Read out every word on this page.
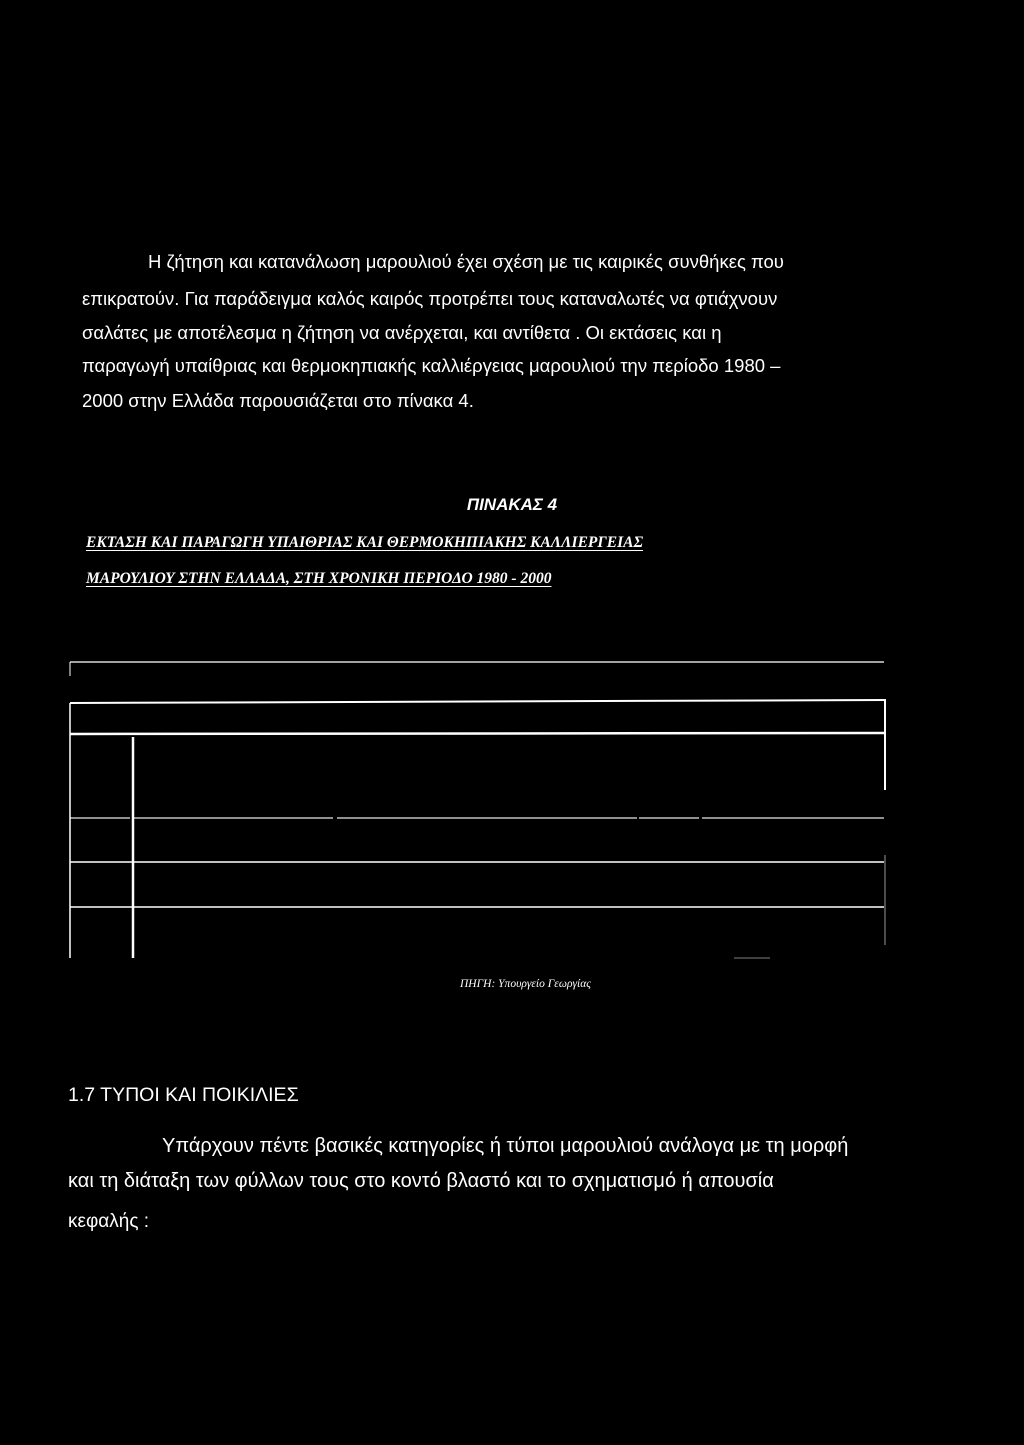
Η ζήτηση και κατανάλωση μαρουλιού έχει σχέση με τις καιρικές συνθήκες που
επικρατούν. Για παράδειγμα καλός καιρός προτρέπει τους καταναλωτές να φτιάχνουν
σαλάτες με αποτέλεσμα η ζήτηση να ανέρχεται, και αντίθετα . Οι εκτάσεις και η
παραγωγή υπαίθριας και θερμοκηπιακής καλλιέργειας μαρουλιού την περίοδο 1980 –
2000 στην Ελλάδα παρουσιάζεται στο πίνακα 4.
ΠΙΝΑΚΑΣ 4
ΕΚΤΑΣΗ ΚΑΙ ΠΑΡΑΓΩΓΗ ΥΠΑΙΘΡΙΑΣ ΚΑΙ ΘΕΡΜΟΚΗΠΙΑΚΗΣ ΚΑΛΛΙΕΡΓΕΙΑΣ
ΜΑΡΟΥΛΙΟΥ ΣΤΗΝ ΕΛΛΑΔΑ, ΣΤΗ ΧΡΟΝΙΚΗ ΠΕΡΙΟΔΟ 1980 - 2000
ΠΗΓΗ: Υπουργείο Γεωργίας
1.7 ΤΥΠΟΙ ΚΑΙ ΠΟΙΚΙΛΙΕΣ
Υπάρχουν πέντε βασικές κατηγορίες ή τύποι μαρουλιού ανάλογα με τη μορφή
και τη διάταξη των φύλλων τους στο κοντό βλαστό και το σχηματισμό ή απουσία
κεφαλής :
